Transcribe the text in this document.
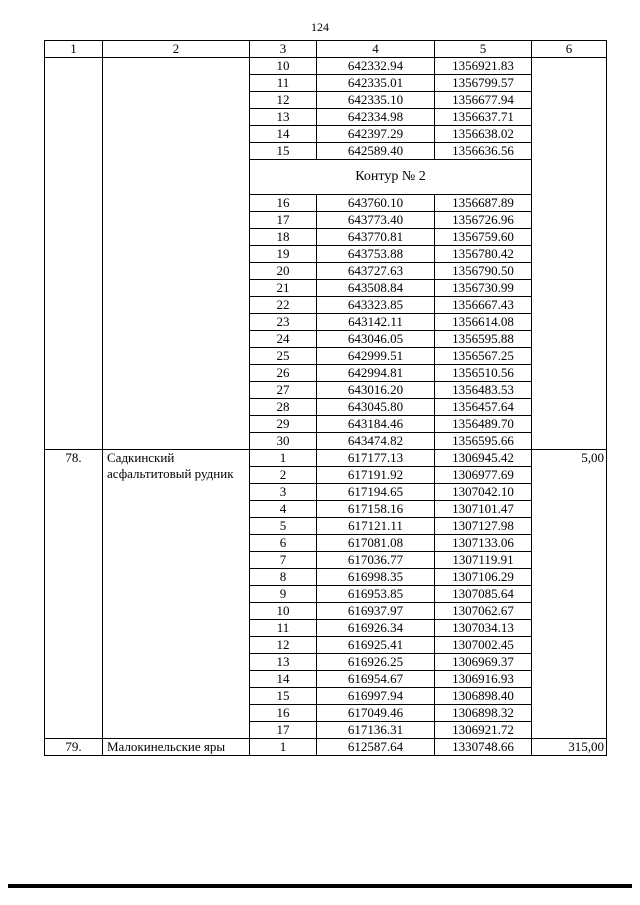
124
1	2	3	4	5	6
		10	642332.94	1356921.83	
		11	642335.01	1356799.57	
		12	642335.10	1356677.94	
		13	642334.98	1356637.71	
		14	642397.29	1356638.02	
		15	642589.40	1356636.56	
		Контур № 2			
		16	643760.10	1356687.89	
		17	643773.40	1356726.96	
		18	643770.81	1356759.60	
		19	643753.88	1356780.42	
		20	643727.63	1356790.50	
		21	643508.84	1356730.99	
		22	643323.85	1356667.43	
		23	643142.11	1356614.08	
		24	643046.05	1356595.88	
		25	642999.51	1356567.25	
		26	642994.81	1356510.56	
		27	643016.20	1356483.53	
		28	643045.80	1356457.64	
		29	643184.46	1356489.70	
		30	643474.82	1356595.66	
78.	Садкинский асфальтитовый рудник	1	617177.13	1306945.42	5,00
		2	617191.92	1306977.69	
		3	617194.65	1307042.10	
		4	617158.16	1307101.47	
		5	617121.11	1307127.98	
		6	617081.08	1307133.06	
		7	617036.77	1307119.91	
		8	616998.35	1307106.29	
		9	616953.85	1307085.64	
		10	616937.97	1307062.67	
		11	616926.34	1307034.13	
		12	616925.41	1307002.45	
		13	616926.25	1306969.37	
		14	616954.67	1306916.93	
		15	616997.94	1306898.40	
		16	617049.46	1306898.32	
		17	617136.31	1306921.72	
79.	Малокинельские яры	1	612587.64	1330748.66	315,00
